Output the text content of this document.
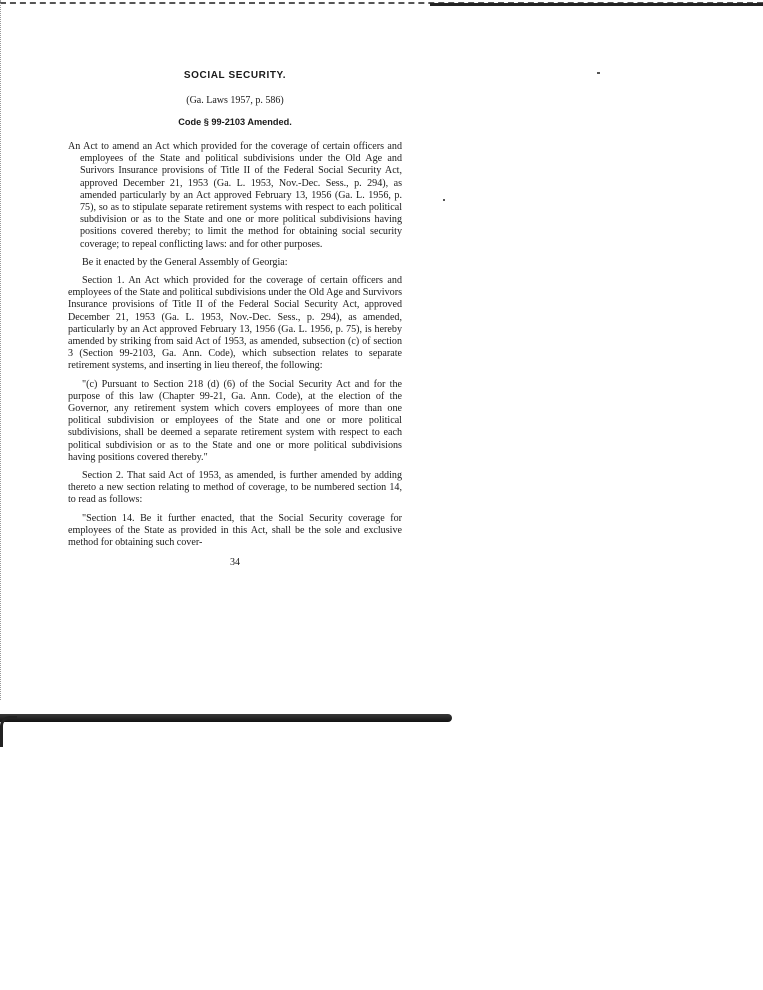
SOCIAL SECURITY.
(Ga. Laws 1957, p. 586)
Code § 99-2103 Amended.

An Act to amend an Act which provided for the coverage of certain officers and employees of the State and political subdivisions under the Old Age and Surivors Insurance provisions of Title II of the Federal Social Security Act, approved December 21, 1953 (Ga. L. 1953, Nov.-Dec. Sess., p. 294), as amended particularly by an Act approved February 13, 1956 (Ga. L. 1956, p. 75), so as to stipulate separate retirement systems with respect to each political subdivision or as to the State and one or more political subdivisions having positions covered thereby; to limit the method for obtaining social security coverage; to repeal conflicting laws: and for other purposes.

Be it enacted by the General Assembly of Georgia:

Section 1. An Act which provided for the coverage of certain officers and employees of the State and political subdivisions under the Old Age and Survivors Insurance provisions of Title II of the Federal Social Security Act, approved December 21, 1953 (Ga. L. 1953, Nov.-Dec. Sess., p. 294), as amended, particularly by an Act approved February 13, 1956 (Ga. L. 1956, p. 75), is hereby amended by striking from said Act of 1953, as amended, subsection (c) of section 3 (Section 99-2103, Ga. Ann. Code), which subsection relates to separate retirement systems, and inserting in lieu thereof, the following:

"(c) Pursuant to Section 218 (d) (6) of the Social Security Act and for the purpose of this law (Chapter 99-21, Ga. Ann. Code), at the election of the Governor, any retirement system which covers employees of more than one political subdivision or employees of the State and one or more political subdivisions, shall be deemed a separate retirement system with respect to each political subdivision or as to the State and one or more political subdivisions having positions covered thereby."

Section 2. That said Act of 1953, as amended, is further amended by adding thereto a new section relating to method of coverage, to be numbered section 14, to read as follows:

"Section 14. Be it further enacted, that the Social Security coverage for employees of the State as provided in this Act, shall be the sole and exclusive method for obtaining such cover-

34
